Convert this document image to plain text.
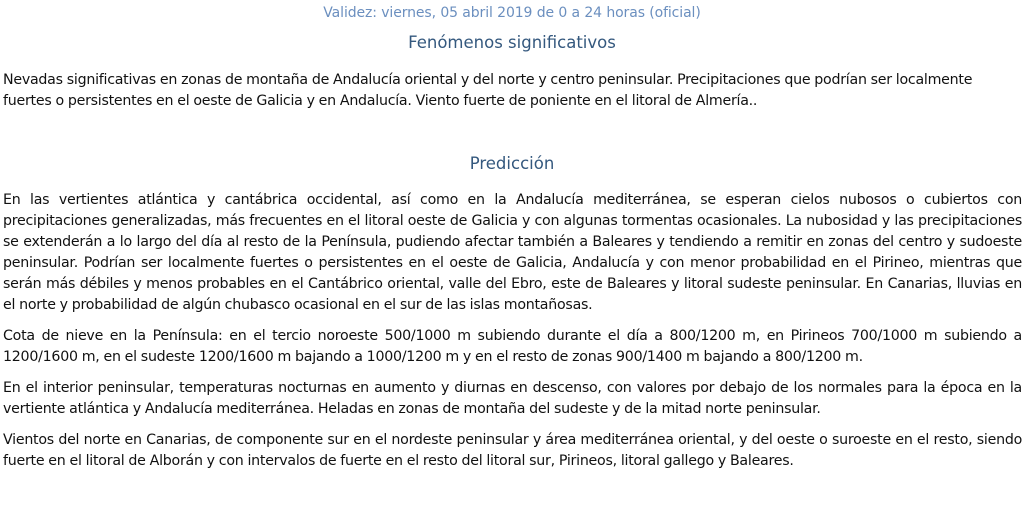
Validez: viernes, 05 abril 2019 de 0 a 24 horas (oficial)
Fenómenos significativos

Nevadas significativas en zonas de montaña de Andalucía oriental y del norte y centro peninsular. Precipitaciones que podrían ser localmente fuertes o persistentes en el oeste de Galicia y en Andalucía. Viento fuerte de poniente en el litoral de Almería..

Predicción

En las vertientes atlántica y cantábrica occidental, así como en la Andalucía mediterránea, se esperan cielos nubosos o cubiertos con precipitaciones generalizadas, más frecuentes en el litoral oeste de Galicia y con algunas tormentas ocasionales. La nubosidad y las precipitaciones se extenderán a lo largo del día al resto de la Península, pudiendo afectar también a Baleares y tendiendo a remitir en zonas del centro y sudoeste peninsular. Podrían ser localmente fuertes o persistentes en el oeste de Galicia, Andalucía y con menor probabilidad en el Pirineo, mientras que serán más débiles y menos probables en el Cantábrico oriental, valle del Ebro, este de Baleares y litoral sudeste peninsular. En Canarias, lluvias en el norte y probabilidad de algún chubasco ocasional en el sur de las islas montañosas.

Cota de nieve en la Península: en el tercio noroeste 500/1000 m subiendo durante el día a 800/1200 m, en Pirineos 700/1000 m subiendo a 1200/1600 m, en el sudeste 1200/1600 m bajando a 1000/1200 m y en el resto de zonas 900/1400 m bajando a 800/1200 m.

En el interior peninsular, temperaturas nocturnas en aumento y diurnas en descenso, con valores por debajo de los normales para la época en la vertiente atlántica y Andalucía mediterránea. Heladas en zonas de montaña del sudeste y de la mitad norte peninsular.

Vientos del norte en Canarias, de componente sur en el nordeste peninsular y área mediterránea oriental, y del oeste o suroeste en el resto, siendo fuerte en el litoral de Alborán y con intervalos de fuerte en el resto del litoral sur, Pirineos, litoral gallego y Baleares.
